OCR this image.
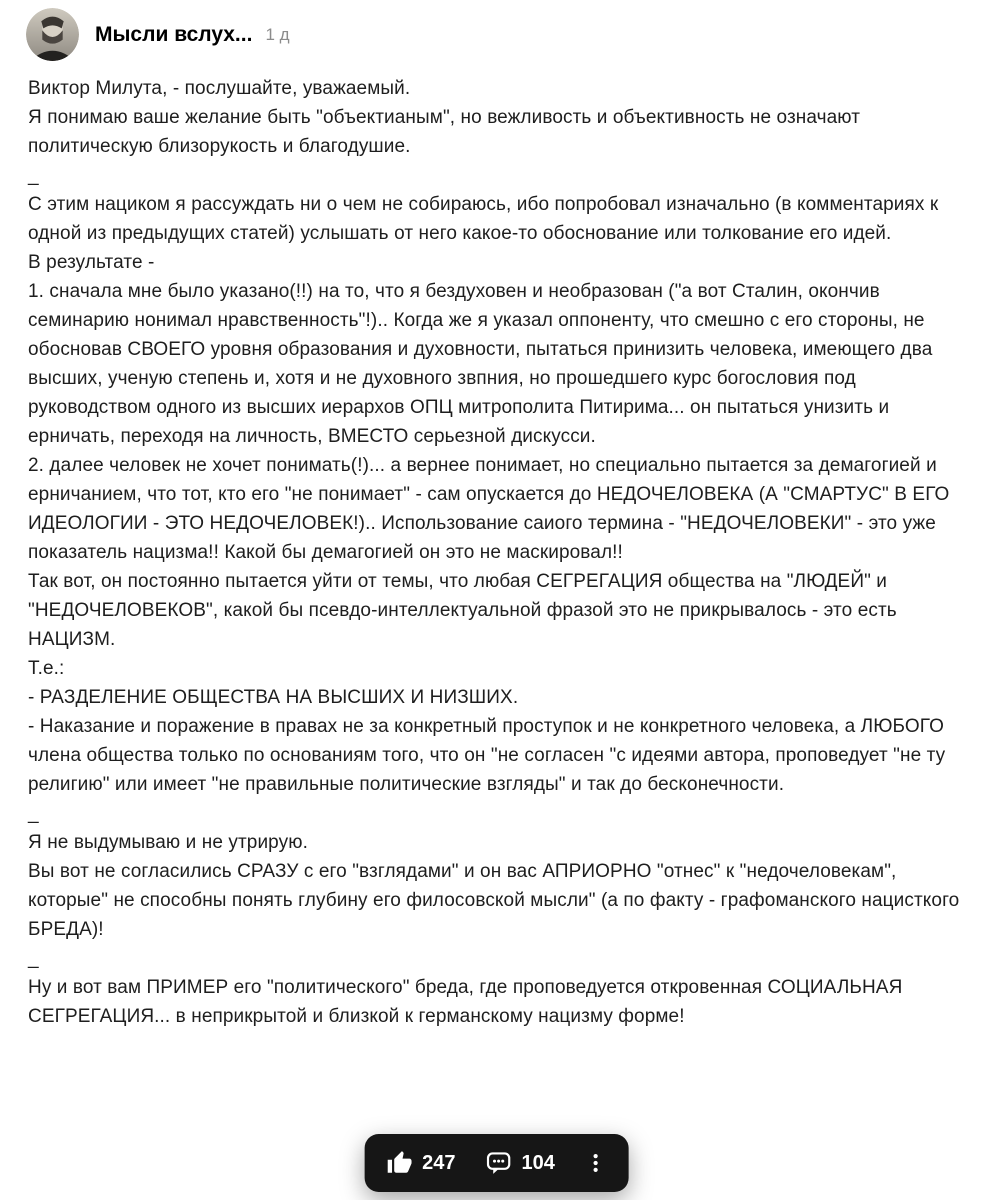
Мысли вслух... 1 д

Виктор Милута, - послушайте, уважаемый.

Я понимаю ваше желание быть "объектианым", но вежливость и объективность не означают политическую близорукость и благодушие.

_

С этим нациком я рассуждать ни о чем не собираюсь, ибо попробовал изначально (в комментариях к одной из предыдущих статей) услышать от него какое-то обоснование или толкование его идей.

В результате -

1. сначала мне было указано(!!) на то, что я бездуховен и необразован ("а вот Сталин, окончив семинарию нонимал нравственность"!).. Когда же я указал оппоненту, что смешно с его стороны, не обосновав СВОЕГО уровня образования и духовности, пытаться принизить человека, имеющего два высших, ученую степень и, хотя и не духовного звпния, но прошедшего курс богословия под руководством одного из высших иерархов ОПЦ митрополита Питирима... он пытаться унизить и ерничать, переходя на личность, ВМЕСТО серьезной дискусси.

2. далее человек не хочет понимать(!)... а вернее понимает, но специально пытается за демагогией и ерничанием, что тот, кто его "не понимает" - сам опускается до НЕДОЧЕЛОВЕКА (А "СМАРТУС" В ЕГО ИДЕОЛОГИИ - ЭТО НЕДОЧЕЛОВЕК!).. Использование саиого термина - "НЕДОЧЕЛОВЕКИ" - это уже показатель нацизма!! Какой бы демагогией он это не маскировал!!

Так вот, он постоянно пытается уйти от темы, что любая СЕГРЕГАЦИЯ общества на "ЛЮДЕЙ" и "НЕДОЧЕЛОВЕКОВ", какой бы псевдо-интеллектуальной фразой это не прикрывалось - это есть НАЦИЗМ.

Т.е.:

- РАЗДЕЛЕНИЕ ОБЩЕСТВА НА ВЫСШИХ И НИЗШИХ.

- Наказание и поражение в правах не за конкретный проступок и не конкретного человека, а ЛЮБОГО члена общества только по основаниям того, что он "не согласен "с идеями автора, проповедует "не ту религию" или имеет "не правильные политические взгляды" и так до бесконечности.

_

Я не выдумываю и не утрирую.

Вы вот не согласились СРАЗУ с его "взглядами" и он вас АПРИОРНО "отнес" к "недочеловекам", которые" не способны понять глубину его филосовской мысли" (а по факту - графоманского нацисткого БРЕДА)!

_

Ну и вот вам ПРИМЕР его "политического" бреда, где проповедуется откровенная СОЦИАЛЬНАЯ СЕГРЕГАЦИЯ... в неприкрытой и близкой к германскому нацизму форме!

247	104
